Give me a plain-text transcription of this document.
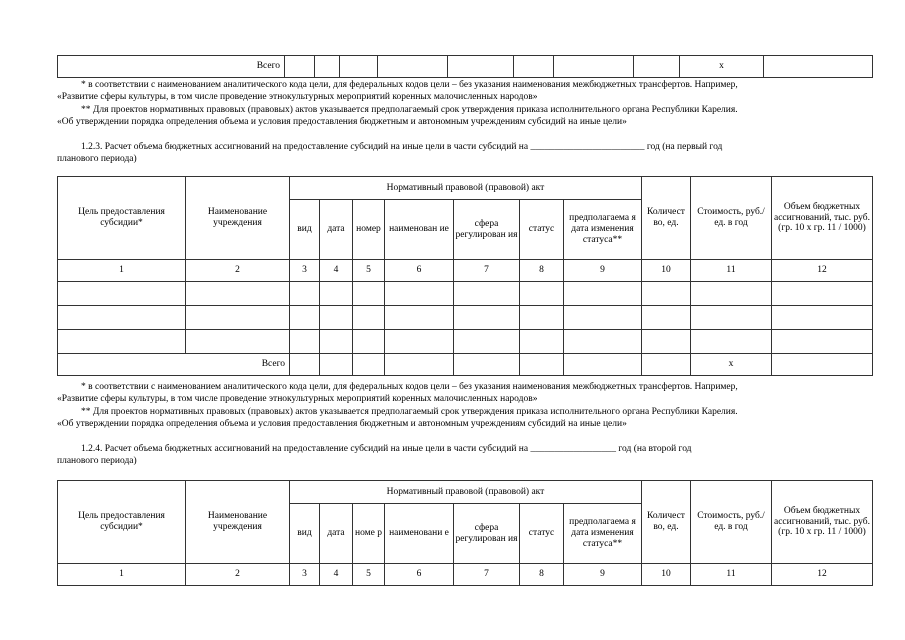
Всего									x	

* в соответствии с наименованием аналитического кода цели, для федеральных кодов цели – без указания наименования межбюджетных трансфертов. Например,

«Развитие сферы культуры, в том числе проведение этнокультурных мероприятий коренных малочисленных народов»

** Для проектов нормативных правовых (правовых) актов указывается предполагаемый срок утверждения приказа исполнительного органа Республики Карелия.

«Об утверждении порядка определения объема и условия предоставления бюджетным и автономным учреждениям субсидий на иные цели»

1.2.3. Расчет объема бюджетных ассигнований на предоставление субсидий на иные цели в части субсидий на ________________________ год (на первый год

планового периода)

Цель предоставления субсидии*	Наименование учреждения	Нормативный правовой (правовой) акт							Количест во, ед.	Стоимость, руб./ед. в год	Объем бюджетных ассигнований, тыс. руб. (гр. 10 x гр. 11 / 1000)
		вид	дата	номер	наименован ие	сфера регулирован ия	статус	предполагаема я дата изменения статуса**			
1	2	3	4	5	6	7	8	9	10	11	12

Всего										x	

* в соответствии с наименованием аналитического кода цели, для федеральных кодов цели – без указания наименования межбюджетных трансфертов. Например,

«Развитие сферы культуры, в том числе проведение этнокультурных мероприятий коренных малочисленных народов»

** Для проектов нормативных правовых (правовых) актов указывается предполагаемый срок утверждения приказа исполнительного органа Республики Карелия.

«Об утверждении порядка определения объема и условия предоставления бюджетным и автономным учреждениям субсидий на иные цели»

1.2.4. Расчет объема бюджетных ассигнований на предоставление субсидий на иные цели в части субсидий на __________________ год (на второй год

планового периода)

Цель предоставления субсидии*	Наименование учреждения	Нормативный правовой (правовой) акт							Количест во, ед.	Стоимость, руб./ед. в год	Объем бюджетных ассигнований, тыс. руб. (гр. 10 x гр. 11 / 1000)
		вид	дата	номе р	наименовани е	сфера регулирован ия	статус	предполагаема я дата изменения статуса**			
1	2	3	4	5	6	7	8	9	10	11	12
